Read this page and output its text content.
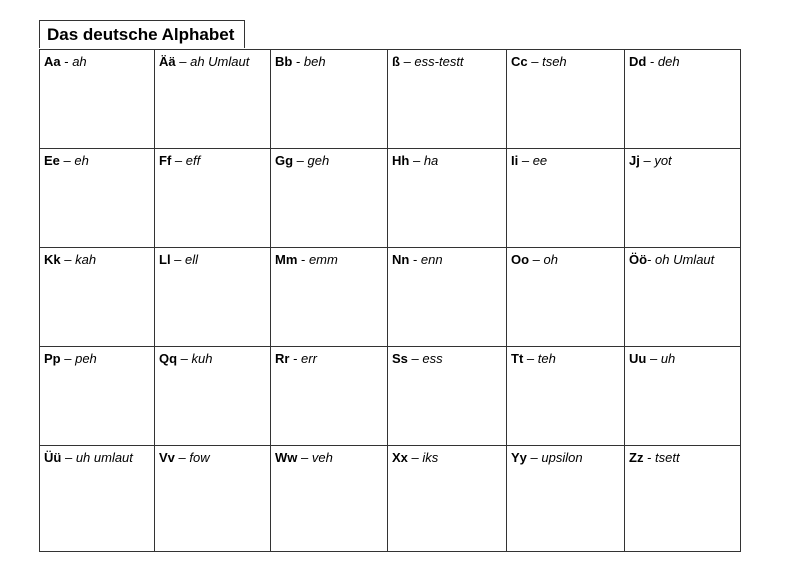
Das deutsche Alphabet
Aa - ah	Ää – ah Umlaut	Bb - beh	ß – ess-testt	Cc – tseh	Dd - deh
Ee – eh	Ff – eff	Gg – geh	Hh – ha	Ii – ee	Jj – yot
Kk – kah	Ll – ell	Mm - emm	Nn - enn	Oo – oh	Öö- oh Umlaut
Pp – peh	Qq – kuh	Rr - err	Ss – ess	Tt – teh	Uu – uh
Üü – uh umlaut	Vv – fow	Ww – veh	Xx – iks	Yy – upsilon	Zz - tsett
